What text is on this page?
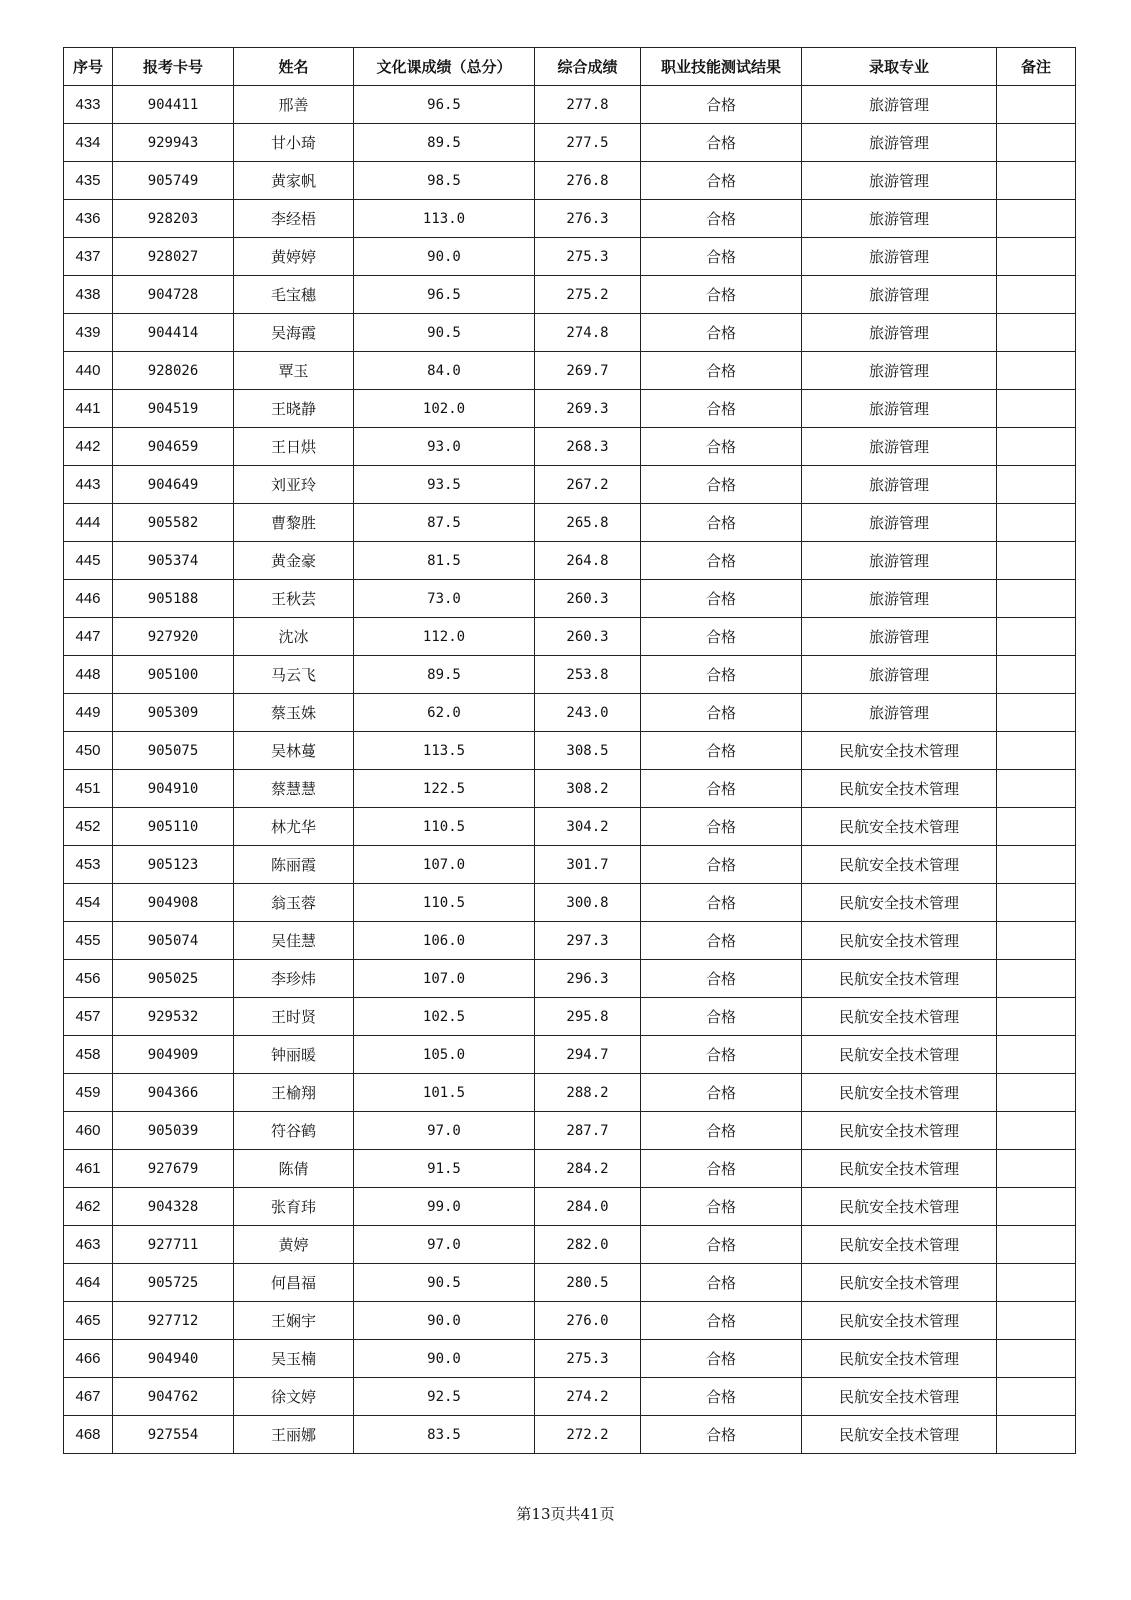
序号	报考卡号	姓名	文化课成绩（总分）	综合成绩	职业技能测试结果	录取专业	备注
433	904411	邢善	96.5	277.8	合格	旅游管理	
434	929943	甘小琦	89.5	277.5	合格	旅游管理	
435	905749	黄家帆	98.5	276.8	合格	旅游管理	
436	928203	李经梧	113.0	276.3	合格	旅游管理	
437	928027	黄婷婷	90.0	275.3	合格	旅游管理	
438	904728	毛宝穗	96.5	275.2	合格	旅游管理	
439	904414	吴海霞	90.5	274.8	合格	旅游管理	
440	928026	覃玉	84.0	269.7	合格	旅游管理	
441	904519	王晓静	102.0	269.3	合格	旅游管理	
442	904659	王日烘	93.0	268.3	合格	旅游管理	
443	904649	刘亚玲	93.5	267.2	合格	旅游管理	
444	905582	曹黎胜	87.5	265.8	合格	旅游管理	
445	905374	黄金豪	81.5	264.8	合格	旅游管理	
446	905188	王秋芸	73.0	260.3	合格	旅游管理	
447	927920	沈冰	112.0	260.3	合格	旅游管理	
448	905100	马云飞	89.5	253.8	合格	旅游管理	
449	905309	蔡玉姝	62.0	243.0	合格	旅游管理	
450	905075	吴林蔓	113.5	308.5	合格	民航安全技术管理	
451	904910	蔡慧慧	122.5	308.2	合格	民航安全技术管理	
452	905110	林尤华	110.5	304.2	合格	民航安全技术管理	
453	905123	陈丽霞	107.0	301.7	合格	民航安全技术管理	
454	904908	翁玉蓉	110.5	300.8	合格	民航安全技术管理	
455	905074	吴佳慧	106.0	297.3	合格	民航安全技术管理	
456	905025	李珍炜	107.0	296.3	合格	民航安全技术管理	
457	929532	王时贤	102.5	295.8	合格	民航安全技术管理	
458	904909	钟丽暖	105.0	294.7	合格	民航安全技术管理	
459	904366	王榆翔	101.5	288.2	合格	民航安全技术管理	
460	905039	符谷鹤	97.0	287.7	合格	民航安全技术管理	
461	927679	陈倩	91.5	284.2	合格	民航安全技术管理	
462	904328	张育玮	99.0	284.0	合格	民航安全技术管理	
463	927711	黄婷	97.0	282.0	合格	民航安全技术管理	
464	905725	何昌福	90.5	280.5	合格	民航安全技术管理	
465	927712	王娴宇	90.0	276.0	合格	民航安全技术管理	
466	904940	吴玉楠	90.0	275.3	合格	民航安全技术管理	
467	904762	徐文婷	92.5	274.2	合格	民航安全技术管理	
468	927554	王丽娜	83.5	272.2	合格	民航安全技术管理	
第13页共41页
